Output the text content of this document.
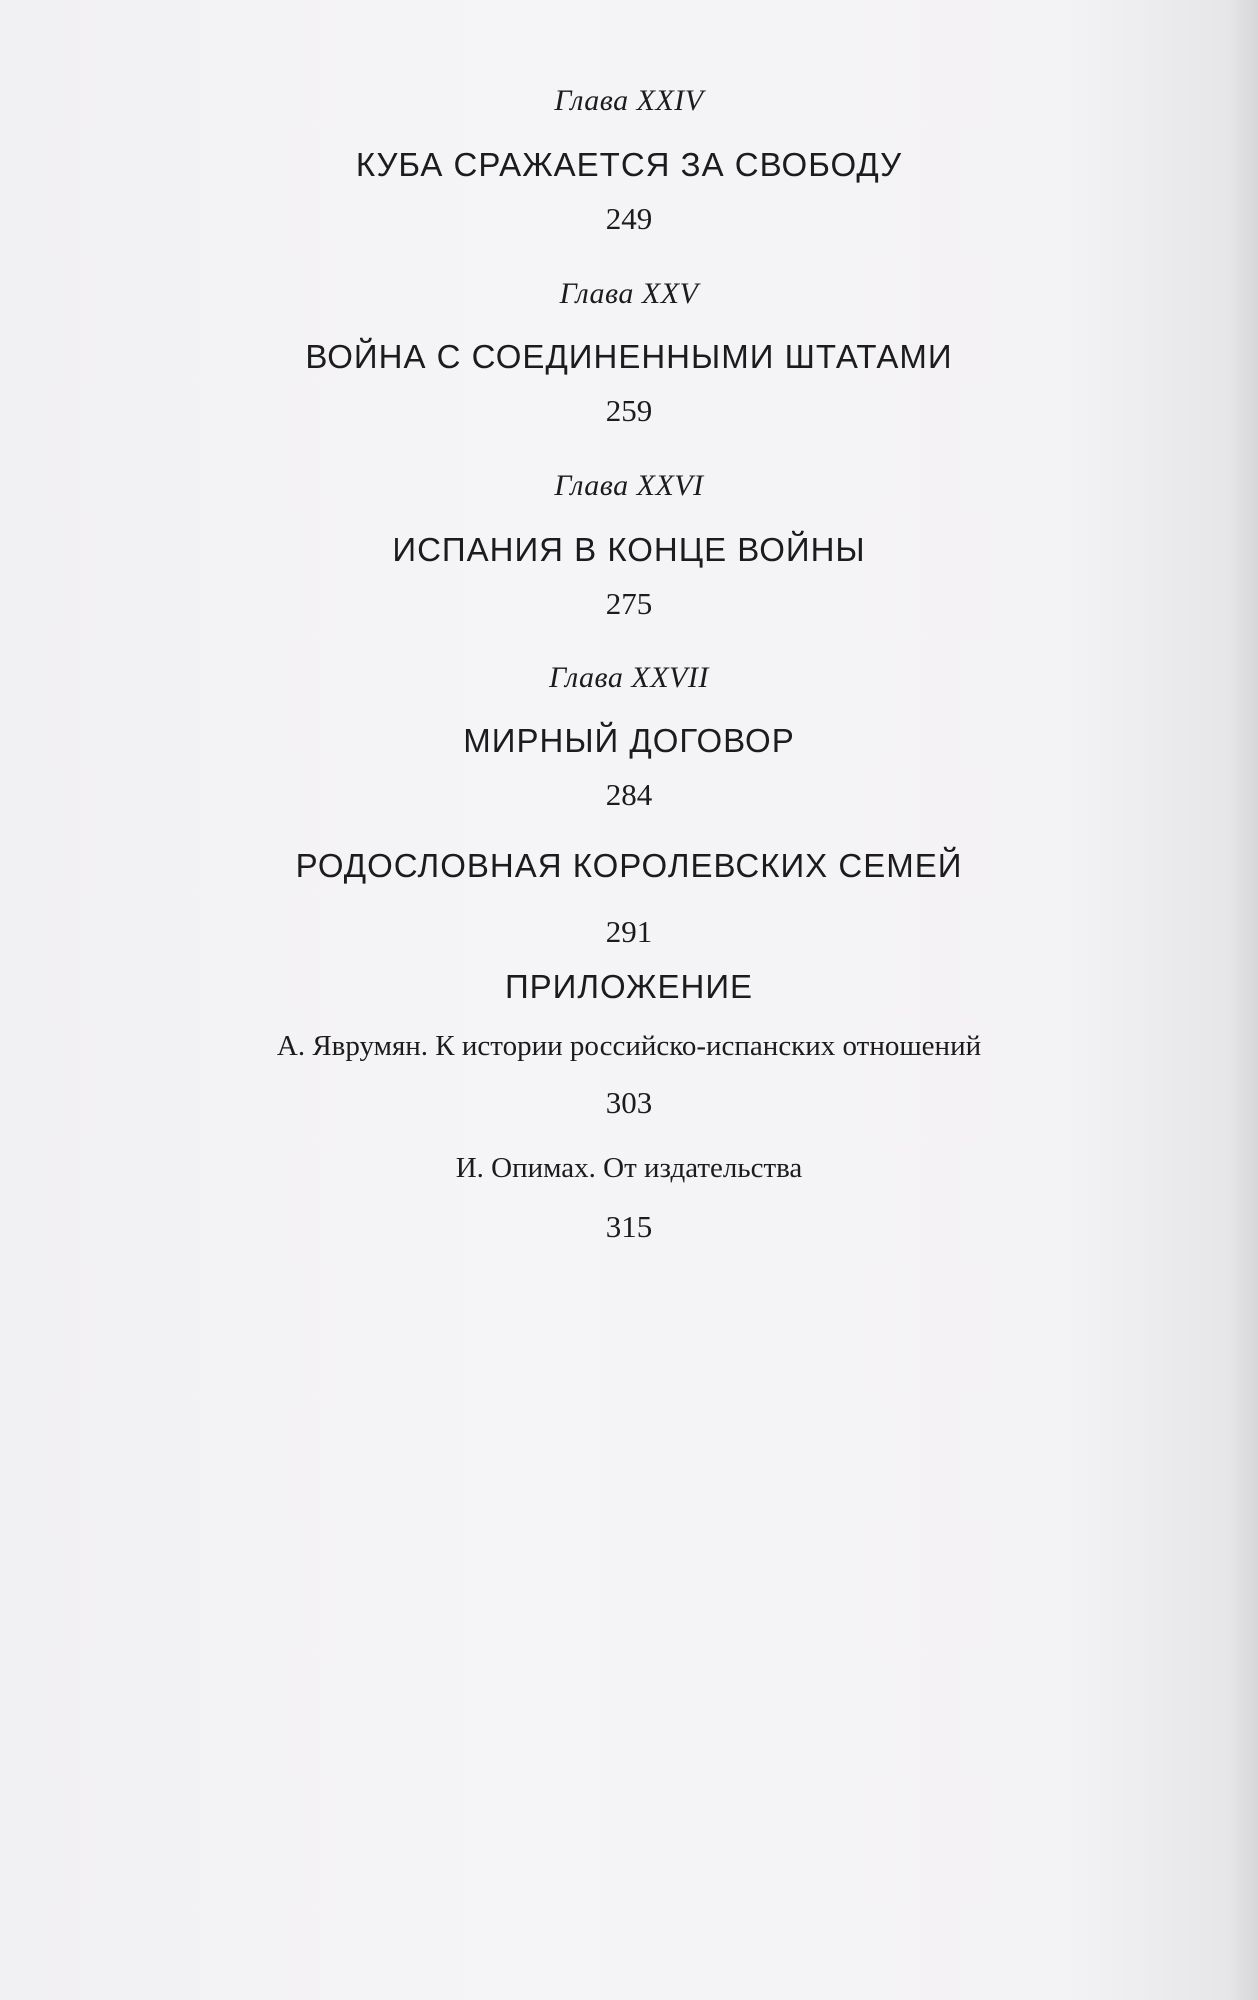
Глава XXIV
КУБА СРАЖАЕТСЯ ЗА СВОБОДУ
249
Глава XXV
ВОЙНА С СОЕДИНЕННЫМИ ШТАТАМИ
259
Глава XXVI
ИСПАНИЯ В КОНЦЕ ВОЙНЫ
275
Глава XXVII
МИРНЫЙ ДОГОВОР
284
РОДОСЛОВНАЯ КОРОЛЕВСКИХ СЕМЕЙ
291
ПРИЛОЖЕНИЕ
А. Яврумян. К истории российско-испанских отношений
303
И. Опимах. От издательства
315
